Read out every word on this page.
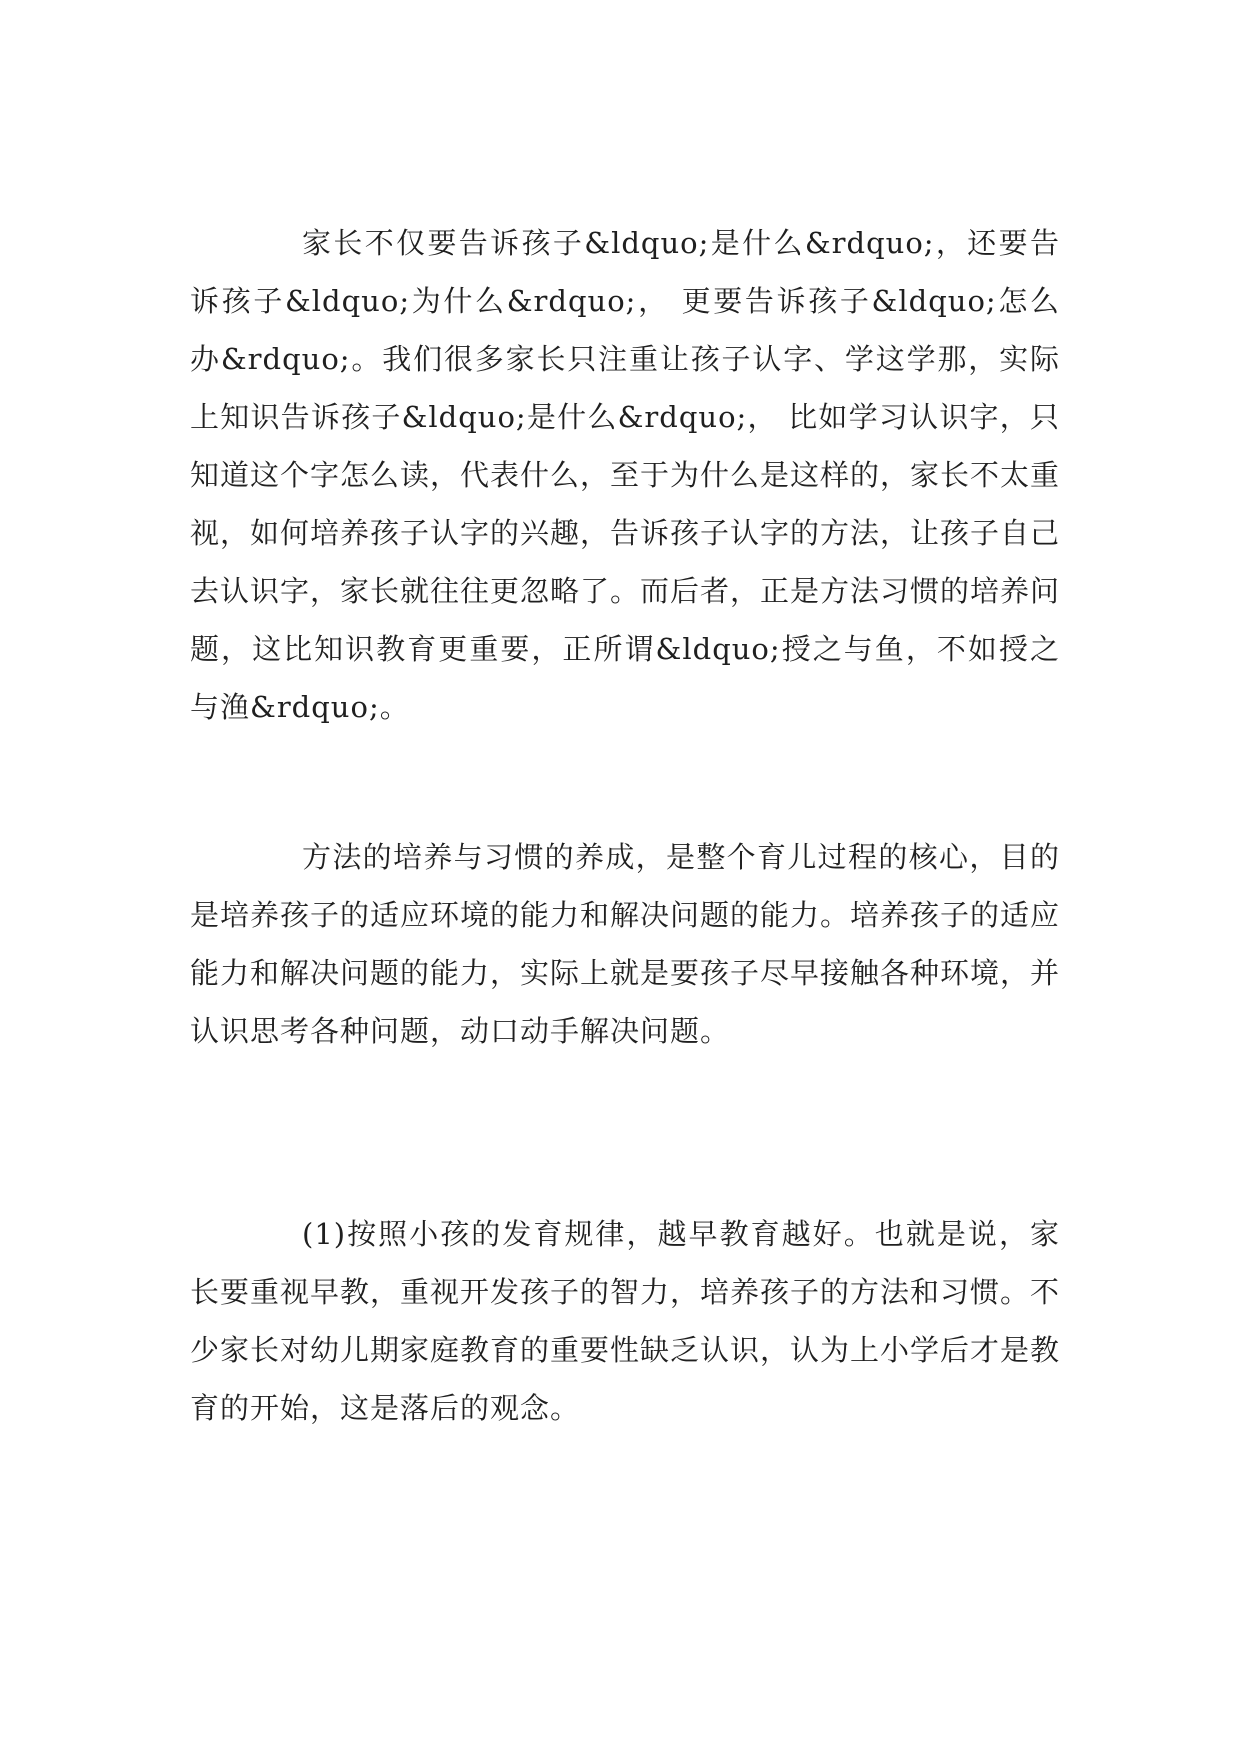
家长不仅要告诉孩子&ldquo;是什么&rdquo;，还要告诉孩子&ldquo;为什么&rdquo;， 更要告诉孩子&ldquo;怎么办&rdquo;。我们很多家长只注重让孩子认字、学这学那，实际上知识告诉孩子&ldquo;是什么&rdquo;， 比如学习认识字，只知道这个字怎么读，代表什么，至于为什么是这样的，家长不太重视，如何培养孩子认字的兴趣，告诉孩子认字的方法，让孩子自己去认识字，家长就往往更忽略了。而后者，正是方法习惯的培养问题，这比知识教育更重要，正所谓&ldquo;授之与鱼，不如授之与渔&rdquo;。

方法的培养与习惯的养成，是整个育儿过程的核心，目的是培养孩子的适应环境的能力和解决问题的能力。培养孩子的适应能力和解决问题的能力，实际上就是要孩子尽早接触各种环境，并认识思考各种问题，动口动手解决问题。

(1)按照小孩的发育规律，越早教育越好。也就是说，家长要重视早教，重视开发孩子的智力，培养孩子的方法和习惯。不少家长对幼儿期家庭教育的重要性缺乏认识，认为上小学后才是教育的开始，这是落后的观念。
